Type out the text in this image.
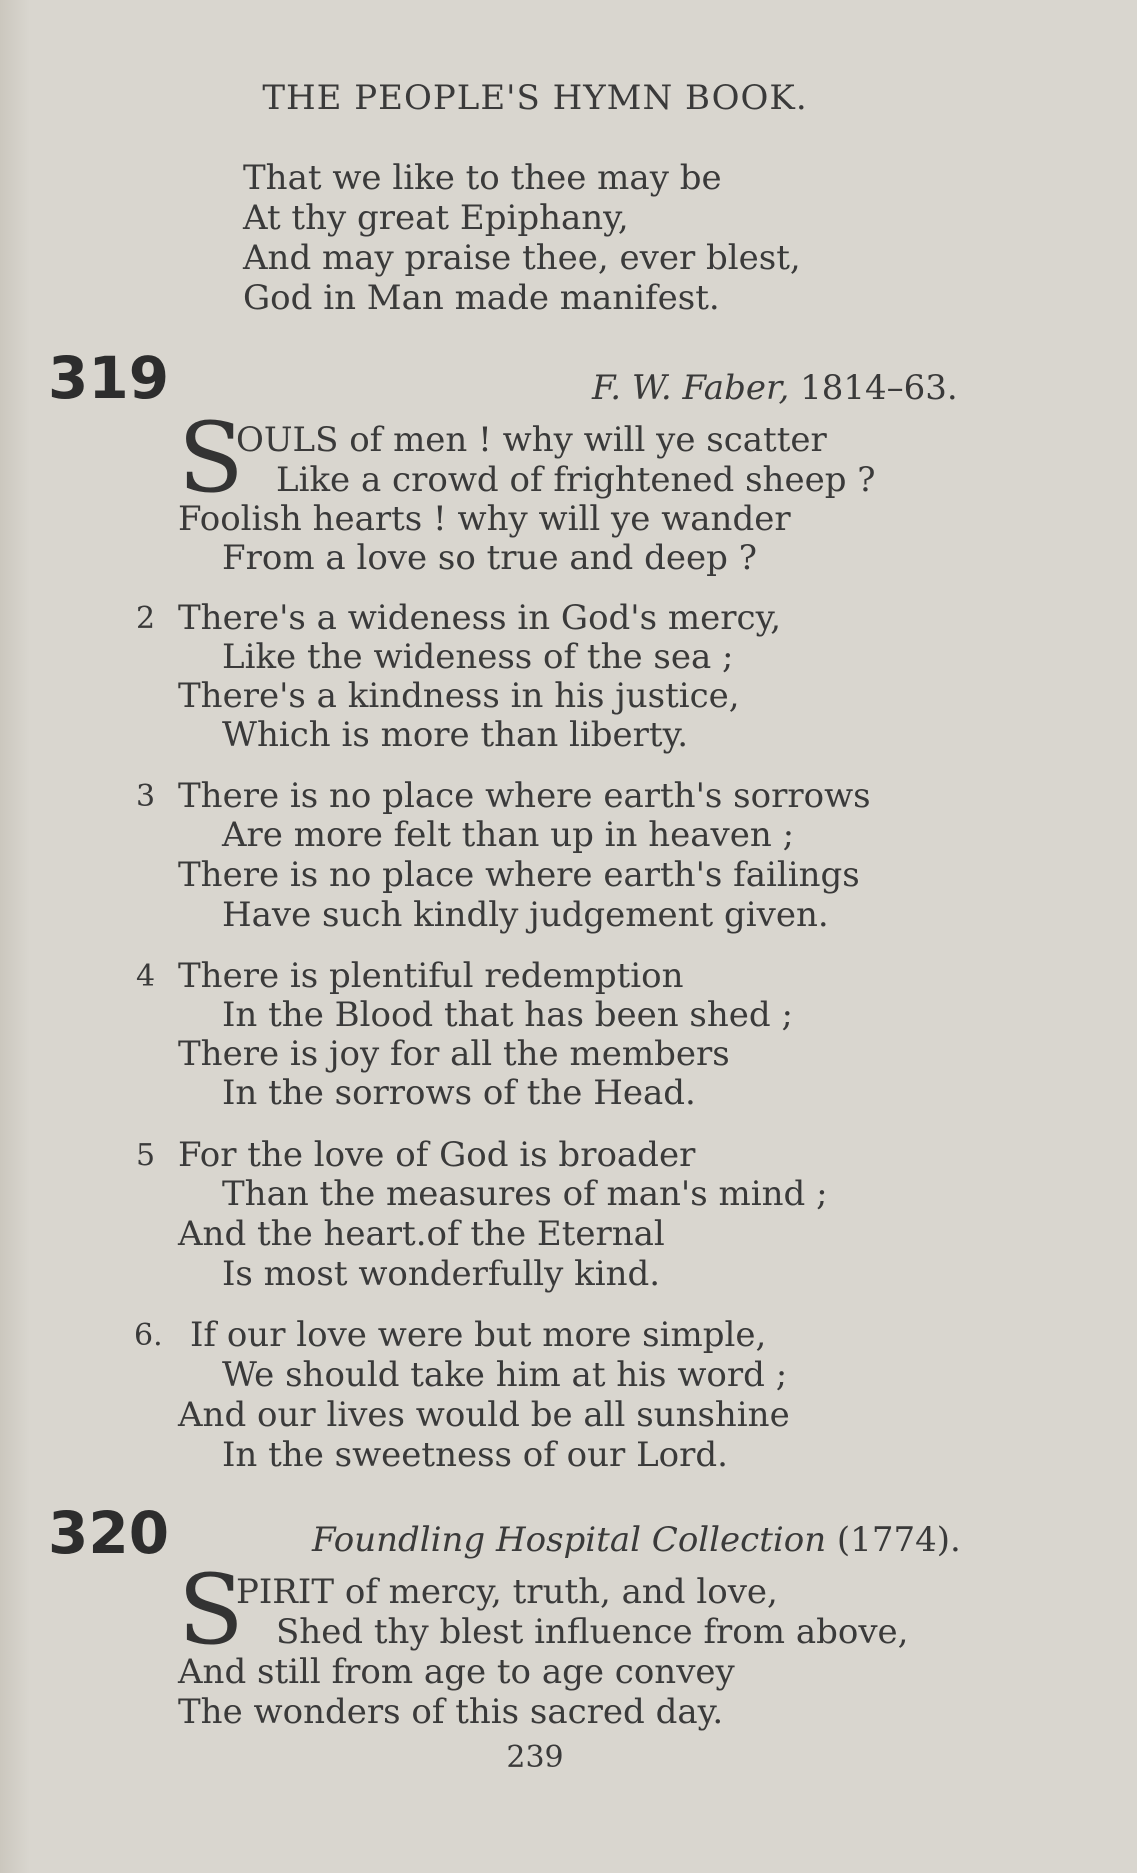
THE PEOPLE'S HYMN BOOK.
That we like to thee may be
At thy great Epiphany,
And may praise thee, ever blest,
God in Man made manifest.
319	F. W. Faber, 1814–63.
S
OULS of men ! why will ye scatter
Like a crowd of frightened sheep ?
Foolish hearts ! why will ye wander
From a love so true and deep ?
2 There's a wideness in God's mercy,
Like the wideness of the sea ;
There's a kindness in his justice,
Which is more than liberty.
3 There is no place where earth's sorrows
Are more felt than up in heaven ;
There is no place where earth's failings
Have such kindly judgement given.
4 There is plentiful redemption
In the Blood that has been shed ;
There is joy for all the members
In the sorrows of the Head.
5 For the love of God is broader
Than the measures of man's mind ;
And the heart.of the Eternal
Is most wonderfully kind.
6. If our love were but more simple,
We should take him at his word ;
And our lives would be all sunshine
In the sweetness of our Lord.
320	Foundling Hospital Collection (1774).
S
PIRIT of mercy, truth, and love,
Shed thy blest influence from above,
And still from age to age convey
The wonders of this sacred day.
239
